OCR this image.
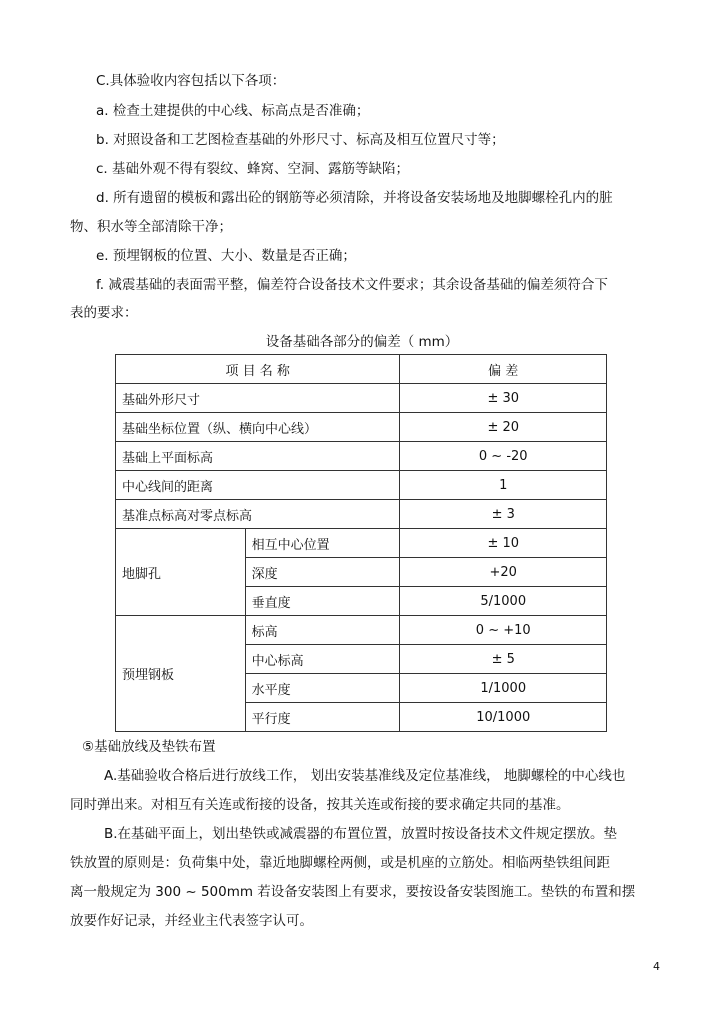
C.具体验收内容包括以下各项：
a. 检查土建提供的中心线、标高点是否准确；
b. 对照设备和工艺图检查基础的外形尺寸、标高及相互位置尺寸等；
c. 基础外观不得有裂纹、蜂窝、空洞、露筋等缺陷；
d. 所有遗留的模板和露出砼的钢筋等必须清除，并将设备安装场地及地脚螺栓孔内的脏
物、积水等全部清除干净；
e. 预埋钢板的位置、大小、数量是否正确；
f. 减震基础的表面需平整，偏差符合设备技术文件要求；其余设备基础的偏差须符合下
表的要求：
设备基础各部分的偏差（ mm）
项 目 名 称		偏 差
基础外形尺寸		± 30
基础坐标位置（纵、横向中心线）		± 20
基础上平面标高		0 ~ -20
中心线间的距离		1
基准点标高对零点标高		± 3
地脚孔	相互中心位置	± 10
	深度	+20
	垂直度	5/1000
预埋钢板	标高	0 ~ +10
	中心标高	± 5
	水平度	1/1000
	平行度	10/1000
⑤基础放线及垫铁布置
A.基础验收合格后进行放线工作， 划出安装基准线及定位基准线， 地脚螺栓的中心线也
同时弹出来。对相互有关连或衔接的设备，按其关连或衔接的要求确定共同的基准。
B.在基础平面上，划出垫铁或减震器的布置位置，放置时按设备技术文件规定摆放。垫
铁放置的原则是：负荷集中处，靠近地脚螺栓两侧，或是机座的立筋处。相临两垫铁组间距
离一般规定为 300 ~ 500mm 若设备安装图上有要求，要按设备安装图施工。垫铁的布置和摆
放要作好记录，并经业主代表签字认可。
4
